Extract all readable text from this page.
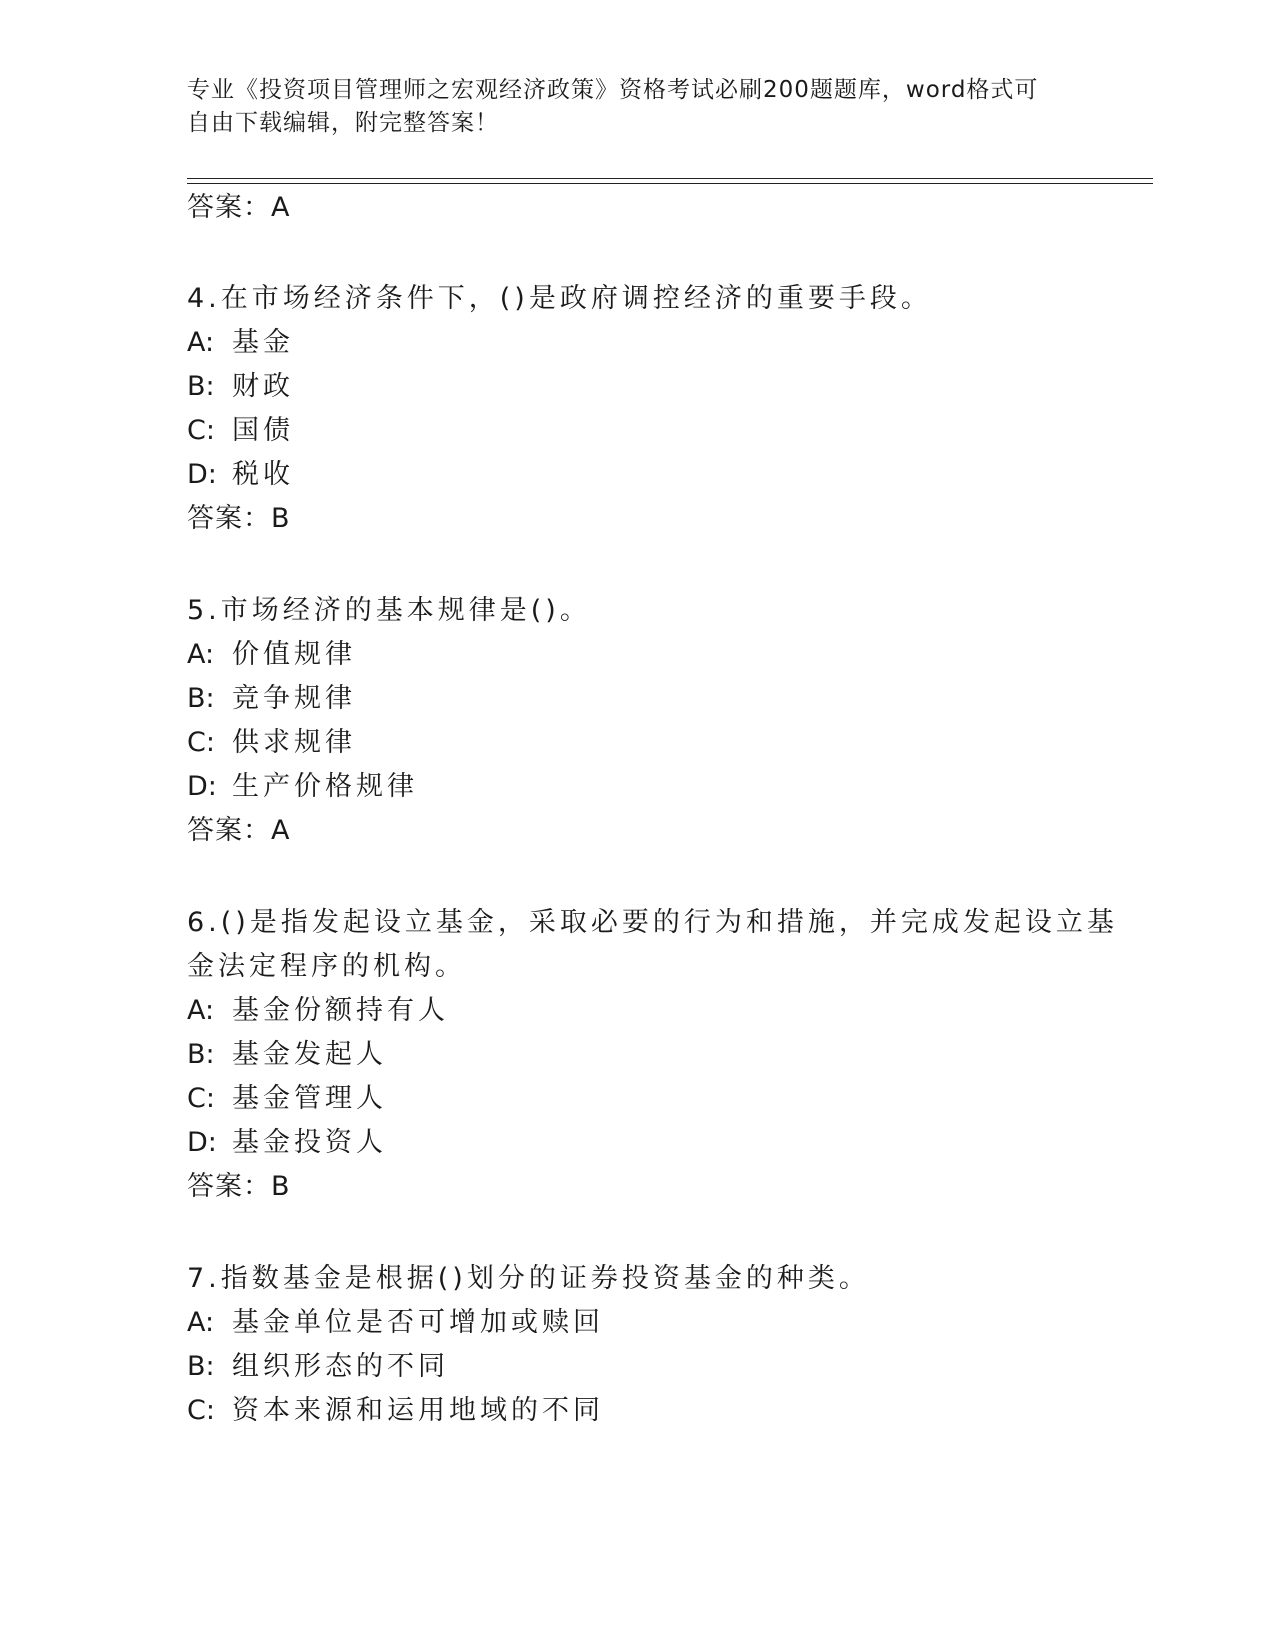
专业《投资项目管理师之宏观经济政策》资格考试必刷200题题库，word格式可
自由下载编辑，附完整答案！
答案：A
4.在市场经济条件下，()是政府调控经济的重要手段。
A: 基金
B: 财政
C: 国债
D: 税收
答案：B
5.市场经济的基本规律是()。
A: 价值规律
B: 竞争规律
C: 供求规律
D: 生产价格规律
答案：A
6.()是指发起设立基金，采取必要的行为和措施，并完成发起设立基
金法定程序的机构。
A: 基金份额持有人
B: 基金发起人
C: 基金管理人
D: 基金投资人
答案：B
7.指数基金是根据()划分的证券投资基金的种类。
A: 基金单位是否可增加或赎回
B: 组织形态的不同
C: 资本来源和运用地域的不同
